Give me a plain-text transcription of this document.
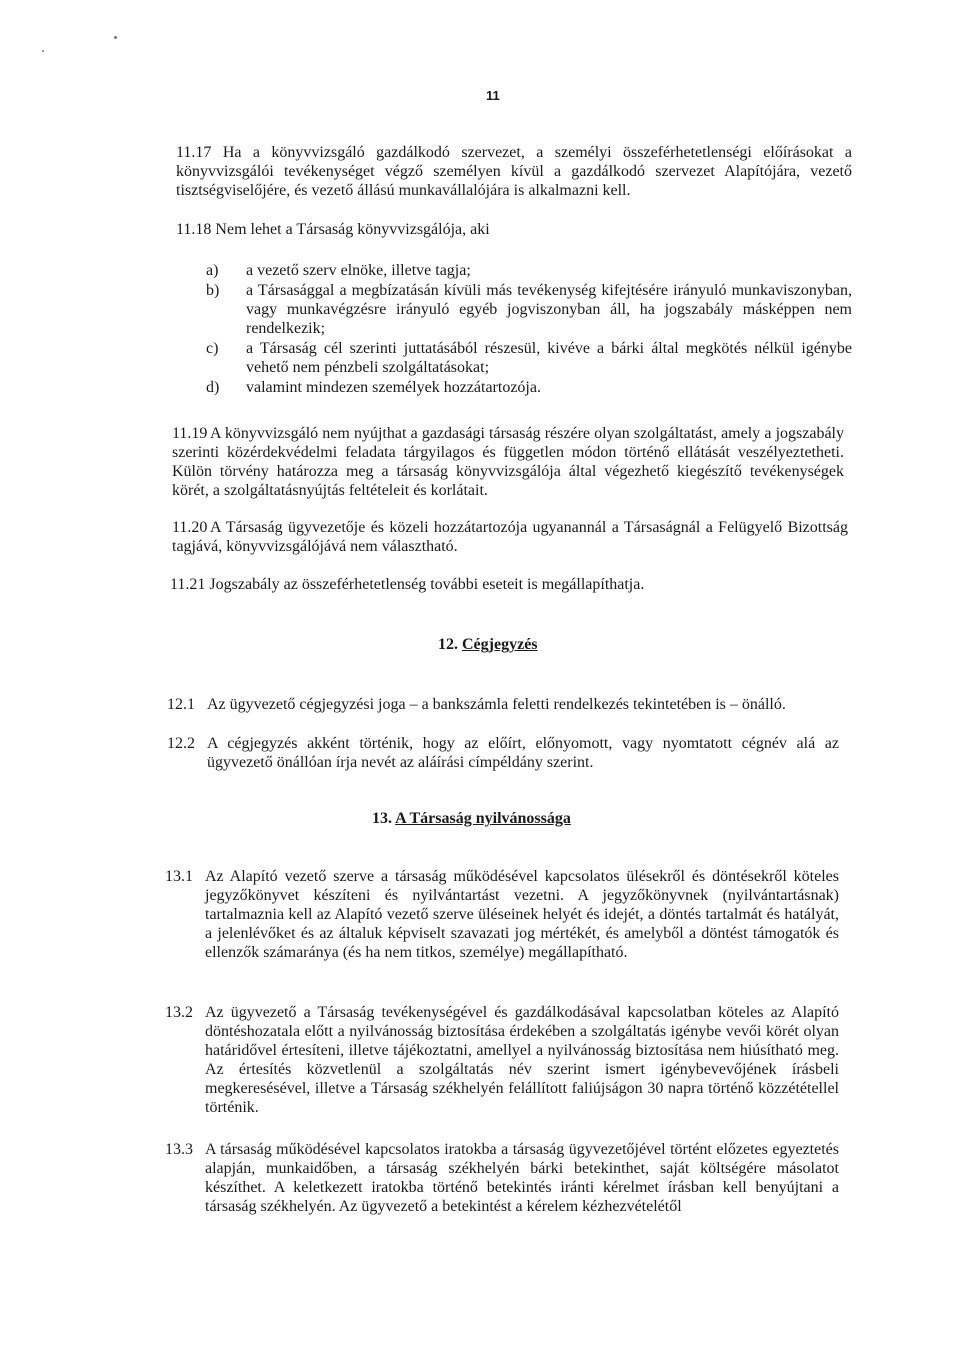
11
11.17 Ha a könyvvizsgáló gazdálkodó szervezet, a személyi összeférhetetlenségi előírásokat a könyvvizsgálói tevékenységet végző személyen kívül a gazdálkodó szervezet Alapítójára, vezető tisztségviselőjére, és vezető állású munkavállalójára is alkalmazni kell.
11.18 Nem lehet a Társaság könyvvizsgálója, aki
a) a vezető szerv elnöke, illetve tagja;
b) a Társasággal a megbízatásán kívüli más tevékenység kifejtésére irányuló munkaviszonyban, vagy munkavégzésre irányuló egyéb jogviszonyban áll, ha jogszabály másképpen nem rendelkezik;
c) a Társaság cél szerinti juttatásából részesül, kivéve a bárki által megkötés nélkül igénybe vehető nem pénzbeli szolgáltatásokat;
d) valamint mindezen személyek hozzátartozója.
11.19 A könyvvizsgáló nem nyújthat a gazdasági társaság részére olyan szolgáltatást, amely a jogszabály szerinti közérdekvédelmi feladata tárgyilagos és független módon történő ellátását veszélyeztetheti. Külön törvény határozza meg a társaság könyvvizsgálója által végezhető kiegészítő tevékenységek körét, a szolgáltatásnyújtás feltételeit és korlátait.
11.20 A Társaság ügyvezetője és közeli hozzátartozója ugyanannál a Társaságnál a Felügyelő Bizottság tagjává, könyvvizsgálójává nem választható.
11.21 Jogszabály az összeférhetetlenség további eseteit is megállapíthatja.
12. Cégjegyzés
12.1 Az ügyvezető cégjegyzési joga – a bankszámla feletti rendelkezés tekintetében is – önálló.
12.2 A cégjegyzés akként történik, hogy az előírt, előnyomott, vagy nyomtatott cégnév alá az ügyvezető önállóan írja nevét az aláírási címpéldány szerint.
13. A Társaság nyilvánossága
13.1 Az Alapító vezető szerve a társaság működésével kapcsolatos ülésekről és döntésekről köteles jegyzőkönyvet készíteni és nyilvántartást vezetni. A jegyzőkönyvnek (nyilvántartásnak) tartalmaznia kell az Alapító vezető szerve üléseinek helyét és idejét, a döntés tartalmát és hatályát, a jelenlévőket és az általuk képviselt szavazati jog mértékét, és amelyből a döntést támogatók és ellenzők számaránya (és ha nem titkos, személye) megállapítható.
13.2 Az ügyvezető a Társaság tevékenységével és gazdálkodásával kapcsolatban köteles az Alapító döntéshozatala előtt a nyilvánosság biztosítása érdekében a szolgáltatás igénybe vevői körét olyan határidővel értesíteni, illetve tájékoztatni, amellyel a nyilvánosság biztosítása nem hiúsítható meg. Az értesítés közvetlenül a szolgáltatás név szerint ismert igénybevevőjének írásbeli megkeresésével, illetve a Társaság székhelyén felállított faliújságon 30 napra történő közzététellel történik.
13.3 A társaság működésével kapcsolatos iratokba a társaság ügyvezetőjével történt előzetes egyeztetés alapján, munkaidőben, a társaság székhelyén bárki betekinthet, saját költségére másolatot készíthet. A keletkezett iratokba történő betekintés iránti kérelmet írásban kell benyújtani a társaság székhelyén. Az ügyvezető a betekintést a kérelem kézhezvételétől
